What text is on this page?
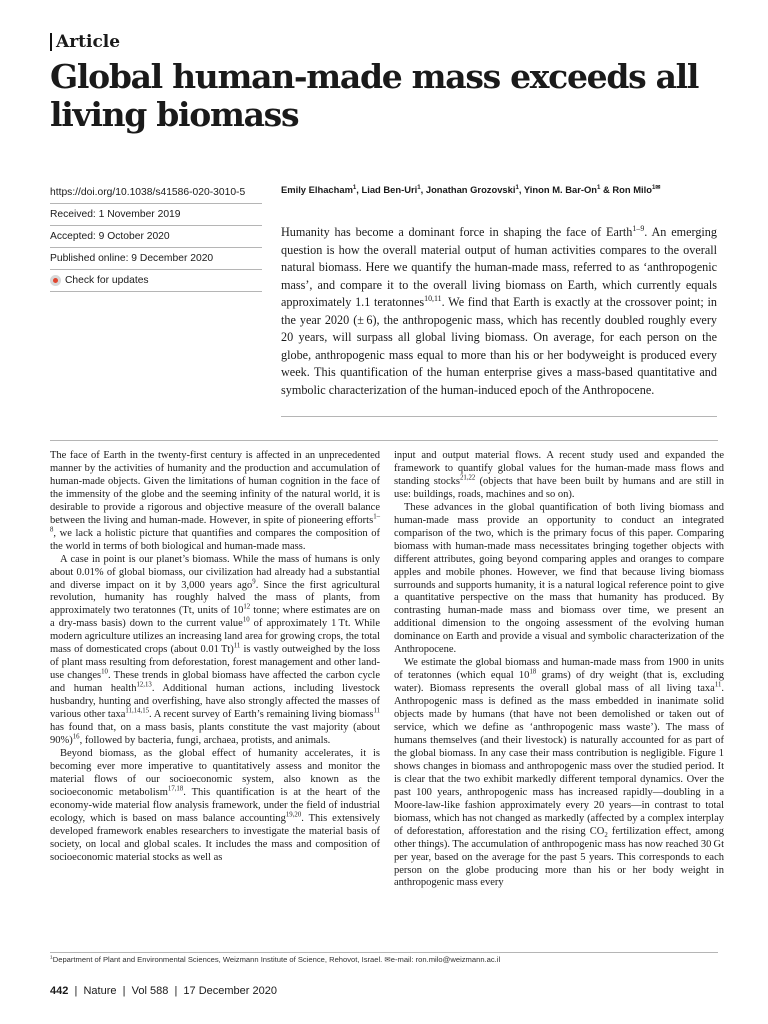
Article
Global human-made mass exceeds all living biomass
https://doi.org/10.1038/s41586-020-3010-5
Received: 1 November 2019
Accepted: 9 October 2020
Published online: 9 December 2020
Check for updates
Emily Elhacham$^1$, Liad Ben-Uri$^1$, Jonathan Grozovski$^1$, Yinon M. Bar-On$^1$ & Ron Milo$^{1✉}$
Humanity has become a dominant force in shaping the face of Earth$^{1-9}$. An emerging question is how the overall material output of human activities compares to the overall natural biomass. Here we quantify the human-made mass, referred to as ‘anthropogenic mass’, and compare it to the overall living biomass on Earth, which currently equals approximately 1.1 teratonnes$^{10,11}$. We find that Earth is exactly at the crossover point; in the year 2020 (± 6), the anthropogenic mass, which has recently doubled roughly every 20 years, will surpass all global living biomass. On average, for each person on the globe, anthropogenic mass equal to more than his or her bodyweight is produced every week. This quantification of the human enterprise gives a mass-based quantitative and symbolic characterization of the human-induced epoch of the Anthropocene.

The face of Earth in the twenty-first century is affected in an unprecedented manner by the activities of humanity and the production and accumulation of human-made objects. Given the limitations of human cognition in the face of the immensity of the globe and the seeming infinity of the natural world, it is desirable to provide a rigorous and objective measure of the overall balance between the living and human-made. However, in spite of pioneering efforts$^{1-8}$, we lack a holistic picture that quantifies and compares the composition of the world in terms of both biological and human-made mass.

A case in point is our planet’s biomass. While the mass of humans is only about 0.01% of global biomass, our civilization had already had a substantial and diverse impact on it by 3,000 years ago$^9$. Since the first agricultural revolution, humanity has roughly halved the mass of plants, from approximately two teratonnes (Tt, units of $10^{12}$ tonne; where estimates are on a dry-mass basis) down to the current value$^{10}$ of approximately 1 Tt. While modern agriculture utilizes an increasing land area for growing crops, the total mass of domesticated crops (about 0.01 Tt)$^{11}$ is vastly outweighed by the loss of plant mass resulting from deforestation, forest management and other land-use changes$^{10}$. These trends in global biomass have affected the carbon cycle and human health$^{12,13}$. Additional human actions, including livestock husbandry, hunting and overfishing, have also strongly affected the masses of various other taxa$^{11,14,15}$. A recent survey of Earth’s remaining living biomass$^{11}$ has found that, on a mass basis, plants constitute the vast majority (about 90%)$^{16}$, followed by bacteria, fungi, archaea, protists, and animals.

Beyond biomass, as the global effect of humanity accelerates, it is becoming ever more imperative to quantitatively assess and monitor the material flows of our socioeconomic system, also known as the socioeconomic metabolism$^{17,18}$. This quantification is at the heart of the economy-wide material flow analysis framework, under the field of industrial ecology, which is based on mass balance accounting$^{19,20}$. This extensively developed framework enables researchers to investigate the material basis of society, on local and global scales. It includes the mass and composition of socioeconomic material stocks as well as

input and output material flows. A recent study used and expanded the framework to quantify global values for the human-made mass flows and standing stocks$^{21,22}$ (objects that have been built by humans and are still in use: buildings, roads, machines and so on).

These advances in the global quantification of both living biomass and human-made mass provide an opportunity to conduct an integrated comparison of the two, which is the primary focus of this paper. Comparing biomass with human-made mass necessitates bringing together objects with different attributes, going beyond comparing apples and oranges to compare apples and mobile phones. However, we find that because living biomass surrounds and supports humanity, it is a natural logical reference point to give a quantitative perspective on the mass that humanity has produced. By contrasting human-made mass and biomass over time, we present an additional dimension to the ongoing assessment of the evolving human dominance on Earth and provide a visual and symbolic characterization of the Anthropocene.

We estimate the global biomass and human-made mass from 1900 in units of teratonnes (which equal $10^{18}$ grams) of dry weight (that is, excluding water). Biomass represents the overall global mass of all living taxa$^{11}$. Anthropogenic mass is defined as the mass embedded in inanimate solid objects made by humans (that have not been demolished or taken out of service, which we define as ‘anthropogenic mass waste’). The mass of humans themselves (and their livestock) is naturally accounted for as part of the global biomass. In any case their mass contribution is negligible. Figure 1 shows changes in biomass and anthropogenic mass over the studied period. It is clear that the two exhibit markedly different temporal dynamics. Over the past 100 years, anthropogenic mass has increased rapidly—doubling in a Moore-law-like fashion approximately every 20 years—in contrast to total biomass, which has not changed as markedly (affected by a complex interplay of deforestation, afforestation and the rising $CO_2$ fertilization effect, among other things). The accumulation of anthropogenic mass has now reached 30 Gt per year, based on the average for the past 5 years. This corresponds to each person on the globe producing more than his or her body weight in anthropogenic mass every

$^1$Department of Plant and Environmental Sciences, Weizmann Institute of Science, Rehovot, Israel. ✉e-mail: ron.milo@weizmann.ac.il
442 | Nature | Vol 588 | 17 December 2020
